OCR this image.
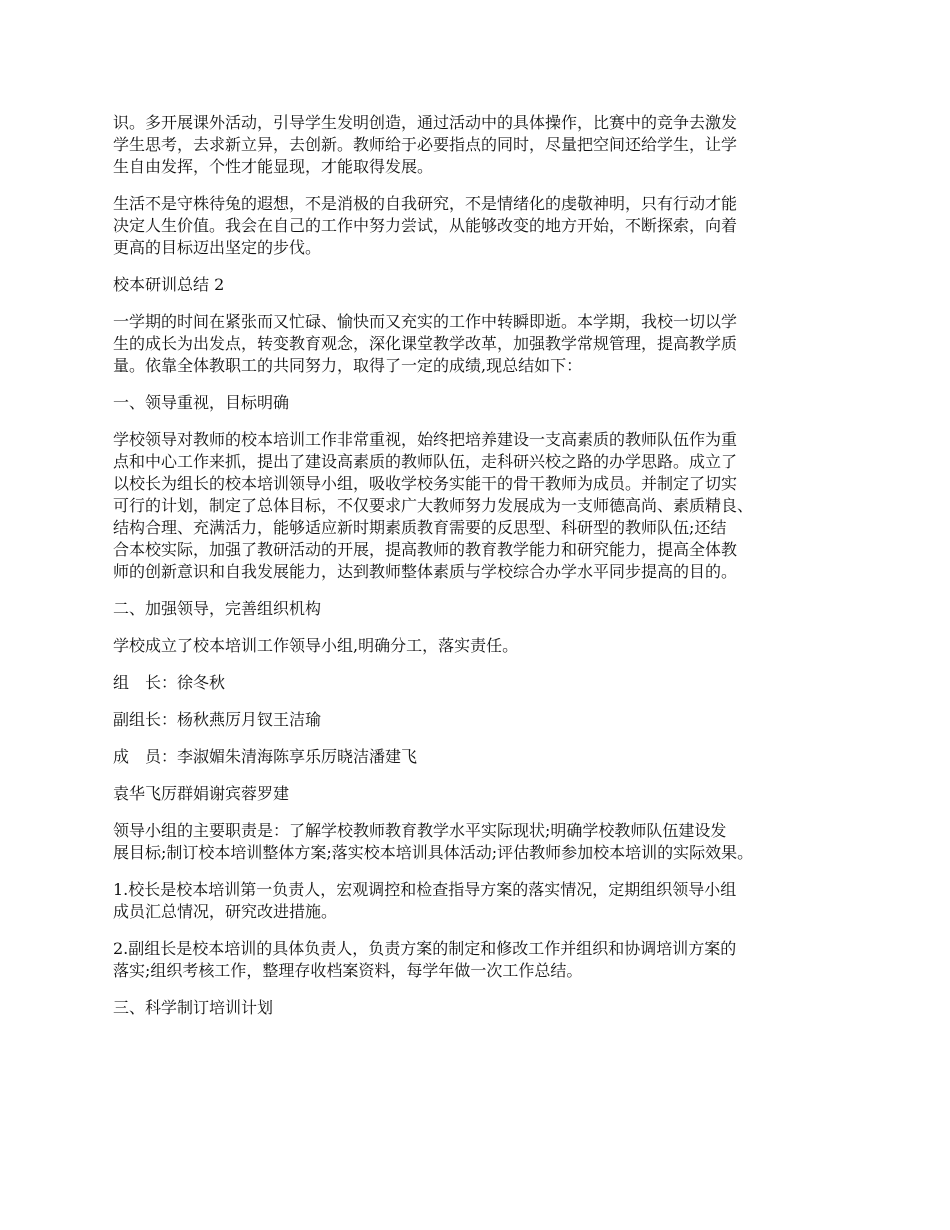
识。多开展课外活动，引导学生发明创造，通过活动中的具体操作，比赛中的竞争去激发
学生思考，去求新立异，去创新。教师给于必要指点的同时，尽量把空间还给学生，让学
生自由发挥，个性才能显现，才能取得发展。

生活不是守株待兔的遐想，不是消极的自我研究，不是情绪化的虔敬神明，只有行动才能
决定人生价值。我会在自己的工作中努力尝试，从能够改变的地方开始，不断探索，向着
更高的目标迈出坚定的步伐。

校本研训总结 2

一学期的时间在紧张而又忙碌、愉快而又充实的工作中转瞬即逝。本学期，我校一切以学
生的成长为出发点，转变教育观念，深化课堂教学改革，加强教学常规管理，提高教学质
量。依靠全体教职工的共同努力，取得了一定的成绩,现总结如下：

一、领导重视，目标明确

学校领导对教师的校本培训工作非常重视，始终把培养建设一支高素质的教师队伍作为重
点和中心工作来抓，提出了建设高素质的教师队伍，走科研兴校之路的办学思路。成立了
以校长为组长的校本培训领导小组，吸收学校务实能干的骨干教师为成员。并制定了切实
可行的计划，制定了总体目标，不仅要求广大教师努力发展成为一支师德高尚、素质精良、
结构合理、充满活力，能够适应新时期素质教育需要的反思型、科研型的教师队伍;还结
合本校实际，加强了教研活动的开展，提高教师的教育教学能力和研究能力，提高全体教
师的创新意识和自我发展能力，达到教师整体素质与学校综合办学水平同步提高的目的。

二、加强领导，完善组织机构

学校成立了校本培训工作领导小组,明确分工，落实责任。

组　长：徐冬秋

副组长：杨秋燕厉月钗王洁瑜

成　员：李淑媚朱清海陈享乐厉晓洁潘建飞

袁华飞厉群娟谢宾蓉罗建

领导小组的主要职责是：了解学校教师教育教学水平实际现状;明确学校教师队伍建设发
展目标;制订校本培训整体方案;落实校本培训具体活动;评估教师参加校本培训的实际效果。

1.校长是校本培训第一负责人，宏观调控和检查指导方案的落实情况，定期组织领导小组
成员汇总情况，研究改进措施。

2.副组长是校本培训的具体负责人，负责方案的制定和修改工作并组织和协调培训方案的
落实;组织考核工作，整理存收档案资料，每学年做一次工作总结。

三、科学制订培训计划
